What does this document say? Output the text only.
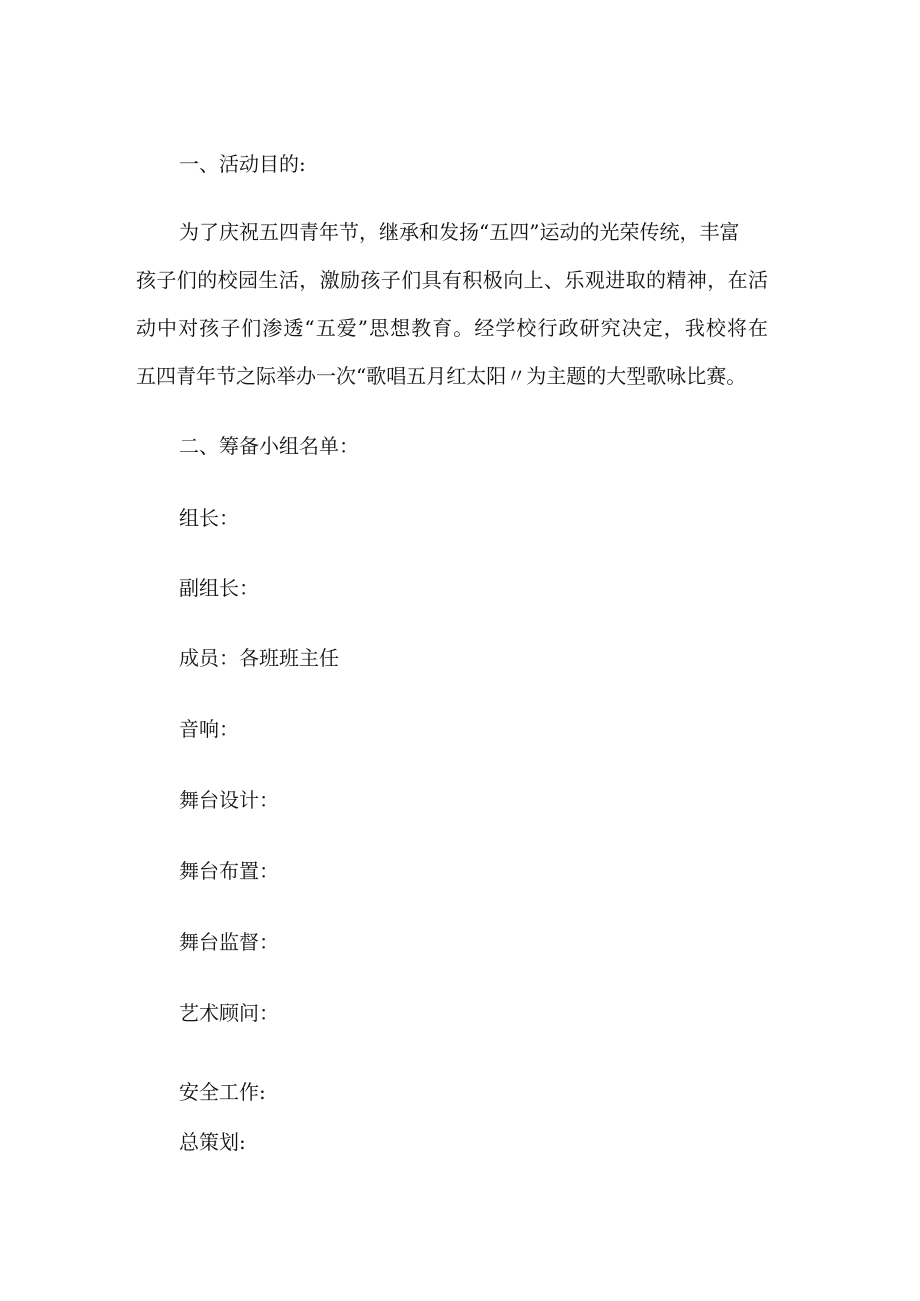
一、活动目的:
为了庆祝五四青年节，继承和发扬“五四”运动的光荣传统，丰富
孩子们的校园生活，激励孩子们具有积极向上、乐观进取的精神，在活
动中对孩子们渗透“五爱”思想教育。经学校行政研究决定，我校将在
五四青年节之际举办一次“歌唱五月红太阳〃为主题的大型歌咏比赛。
二、筹备小组名单：
组长：
副组长：
成员：各班班主任
音响：
舞台设计：
舞台布置：
舞台监督：
艺术顾问：
安全工作:
总策划:
